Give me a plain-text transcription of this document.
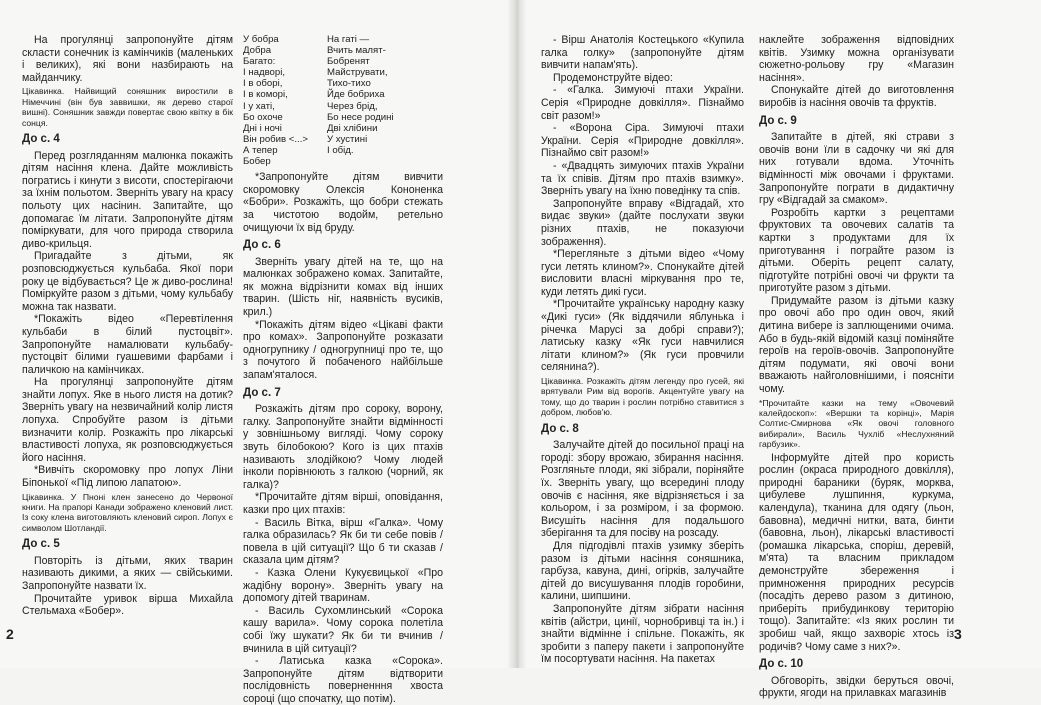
На прогулянці запропонуйте дітям скласти сонечник із камінчиків (маленьких і великих), які вони назбирають на майданчику.

Цікавинка. Найвищий соняшник виростили в Німеччині (він був заввишки, як дерево старої вишні). Соняшник завжди повертає свою квітку в бік сонця.

До с. 4

Перед розгляданням малюнка покажіть дітям насіння клена. Дайте можливість погратись і кинути з висоти, спостерігаючи за їхнім польотом. Зверніть увагу на красу польоту цих насінин. Запитайте, що допомагає їм літати. Запропонуйте дітям поміркувати, для чого природа створила диво-крильця.

Пригадайте з дітьми, як розповсюджується кульбаба. Якої пори року це відбувається? Це ж диво-рослина! Поміркуйте разом з дітьми, чому кульбабу можна так назвати.

*Покажіть відео «Перевтілення кульбаби в білий пустоцвіт». Запропонуйте намалювати кульбабу-пустоцвіт білими гуашевими фарбами і паличкою на камінчиках.

На прогулянці запропонуйте дітям знайти лопух. Яке в нього листя на дотик? Зверніть увагу на незвичайний колір листя лопуха. Спробуйте разом із дітьми визначити колір. Розкажіть про лікарські властивості лопуха, як розповсюджується його насіння.

*Вивчіть скоромовку про лопух Ліни Біпонької «Під липою лапатою».

Цікавинка. У Пноні клен занесено до Червоної книги. На прапорі Канади зображено кленовий лист. Із соку клена виготовляють кленовий сироп. Лопух є символом Шотландії.

До с. 5

Повторіть із дітьми, яких тварин називають дикими, а яких — свійськими. Запропонуйте назвати їх.

Прочитайте уривок вірша Михайла Стельмаха «Бобер».

У бобра
Добра
Багато:
І надворі,
І в оборі,
І в коморі,
І у хаті,
Бо охоче
Дні і ночі
Він робив <...>
А тепер
Бобер
На гаті —
Вчить малят-
Бобренят
Майструвати,
Тихо-тихо
Йде бобриха
Через брід,
Бо несе родині
Дві хлібини
У хустині
І обід.

*Запропонуйте дітям вивчити скоромовку Олексія Кононенка «Бобри». Розкажіть, що бобри стежать за чистотою водойм, ретельно очищуючи їх від бруду.

До с. 6

Зверніть увагу дітей на те, що на малюнках зображено комах. Запитайте, як можна відрізнити комах від інших тварин. (Шість ніг, наявність вусиків, крил.)

*Покажіть дітям відео «Цікаві факти про комах». Запропонуйте розказати одногрупнику / одногрупниці про те, що з почутого й побаченого найбільше запам'яталося.

До с. 7

Розкажіть дітям про сороку, ворону, галку. Запропонуйте знайти відмінності у зовнішньому вигляді. Чому сороку звуть білобокою? Кого із цих птахів називають злодійкою? Чому людей інколи порівнюють з галкою (чорний, як галка)?

*Прочитайте дітям вірші, оповідання, казки про цих птахів:

- Василь Вітка, вірш «Галка». Чому галка образилась? Як би ти себе повів / повела в цій ситуації? Що б ти сказав / сказала цим дітям?

- Казка Олени Кукуєвицької «Про жадібну ворону». Зверніть увагу на допомогу дітей тваринам.

- Василь Сухомлинський «Сорока кашу варила». Чому сорока полетіла собі їжу шукати? Як би ти вчинив / вчинила в цій ситуації?

- Латиська казка «Сорока». Запропонуйте дітям відтворити послідовність поверненння хвоста сороці (що спочатку, що потім).

- Вірш Анатолія Костецького «Купила галка голку» (запропонуйте дітям вивчити напам'ять).

Продемонструйте відео:

- «Галка. Зимуючі птахи України. Серія «Природне довкілля». Пізнаймо світ разом!»

- «Ворона Сіра. Зимуючі птахи України. Серія «Природне довкілля». Пізнаймо світ разом!»

- «Двадцять зимуючих птахів України та їх співів. Дітям про птахів взимку». Зверніть увагу на їхню поведінку та спів.

Запропонуйте вправу «Відгадай, хто видає звуки» (дайте послухати звуки різних птахів, не показуючи зображення).

*Перегляньте з дітьми відео «Чому гуси летять клином?». Спонукайте дітей висловити власні міркування про те, куди летять дикі гуси.

*Прочитайте українську народну казку «Дикі гуси» (Як віддячили яблунька і річечка Марусі за добрі справи?); латиську казку «Як гуси навчилися літати клином?» (Як гуси провчили селянина?).

Цікавинка. Розкажіть дітям легенду про гусей, які врятували Рим від ворогів. Акцентуйте увагу на тому, що до тварин і рослин потрібно ставитися з добром, любов'ю.

До с. 8

Залучайте дітей до посильної праці на городі: збору врожаю, збирання насіння. Розгляньте плоди, які зібрали, поріняйте їх. Зверніть увагу, що всередині плоду овочів є насіння, яке відрізняється і за кольором, і за розміром, і за формою. Висушіть насіння для подальшого зберігання та для посіву на розсаду.

Для підгодівлі птахів узимку зберіть разом із дітьми насіння соняшника, гарбуза, кавуна, дині, огірків, залучайте дітей до висушування плодів горобини, калини, шипшини.

Запропонуйте дітям зібрати насіння квітів (айстри, цинії, чорнобривці та ін.) і знайти відмінне і спільне. Покажіть, як зробити з паперу пакети і запропонуйте їм посортувати насіння. На пакетах

наклейте зображення відповідних квітів. Узимку можна організувати сюжетно-рольову гру «Магазин насіння».

Спонукайте дітей до виготовлення виробів із насіння овочів та фруктів.

До с. 9

Запитайте в дітей, які страви з овочів вони їли в садочку чи які для них готували вдома. Уточніть відмінності між овочами і фруктами. Запропонуйте пограти в дидактичну гру «Відгадай за смаком».

Розробіть картки з рецептами фруктових та овочевих салатів та картки з продуктами для їх приготування і пограйте разом із дітьми. Оберіть рецепт салату, підготуйте потрібні овочі чи фрукти та приготуйте разом з дітьми.

Придумайте разом із дітьми казку про овочі або про один овоч, який дитина вибере із заплющеними очима. Або в будь-якій відомій казці поміняйте героїв на героїв-овочів. Запропонуйте дітям подумати, які овочі вони вважають найголовнішими, і поясніти чому.

*Прочитайте казки на тему «Овочевий калейдоскоп»: «Вершки та корінці», Марія Солтис-Смирнова «Як овочі головного вибирали», Василь Чухліб «Неслухняний гарбузик».

Інформуйте дітей про користь рослин (окраса природного довкілля), природні бараники (буряк, морква, цибулеве лушпиння, куркума, календула), тканина для одягу (льон, бавовна), медичні нитки, вата, бинти (бавовна, льон), лікарські властивості (ромашка лікарська, споріш, деревій, м'ята) та власним прикладом демонструйте збереження і примноження природних ресурсів (посадіть дерево разом з дитиною, приберіть прибудинкову територію тощо). Запитайте: «Із яких рослин ти зробиш чай, якщо захворіє хтось із родичів? Чому саме з них?».

До с. 10

Обговоріть, звідки беруться овочі, фрукти, ягоди на прилавках магазинів

2	3
